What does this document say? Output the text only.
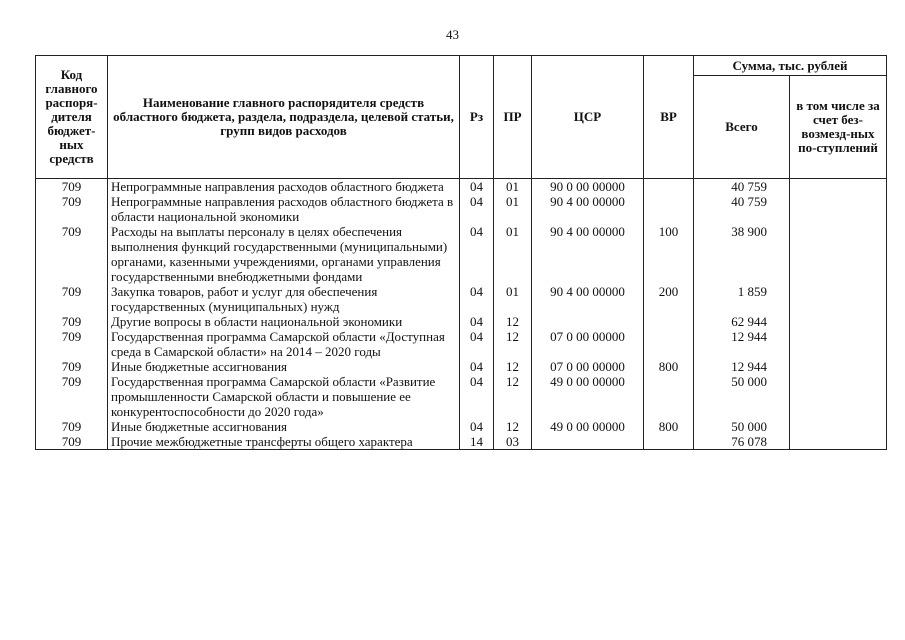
43
Код главного распоря-дителя бюджет-ных средств	Наименование главного распорядителя средств областного бюджета, раздела, подраздела, целевой статьи, групп видов расходов	Рз	ПР	ЦСР	ВР	Сумма, тыс. рублей	
						Всего	в том числе за счет без-возмезд-ных по-ступлений
709	Непрограммные направления расходов областного бюджета	04	01	90 0 00 00000		40 759	
709	Непрограммные направления расходов областного бюджета в области национальной экономики	04	01	90 4 00 00000		40 759	
709	Расходы на выплаты персоналу в целях обеспечения выполнения функций государственными (муниципальными) органами, казенными учреждениями, органами управления государственными внебюджетными фондами	04	01	90 4 00 00000	100	38 900	
709	Закупка товаров, работ и услуг для обеспечения государственных (муниципальных) нужд	04	01	90 4 00 00000	200	1 859	
709	Другие вопросы в области национальной экономики	04	12			62 944	
709	Государственная программа Самарской области «Доступная среда в Самарской области» на 2014 – 2020 годы	04	12	07 0 00 00000		12 944	
709	Иные бюджетные ассигнования	04	12	07 0 00 00000	800	12 944	
709	Государственная программа Самарской области «Развитие промышленности Самарской области и повышение ее конкурентоспособности до 2020 года»	04	12	49 0 00 00000		50 000	
709	Иные бюджетные ассигнования	04	12	49 0 00 00000	800	50 000	
709	Прочие межбюджетные трансферты общего характера	14	03			76 078	
